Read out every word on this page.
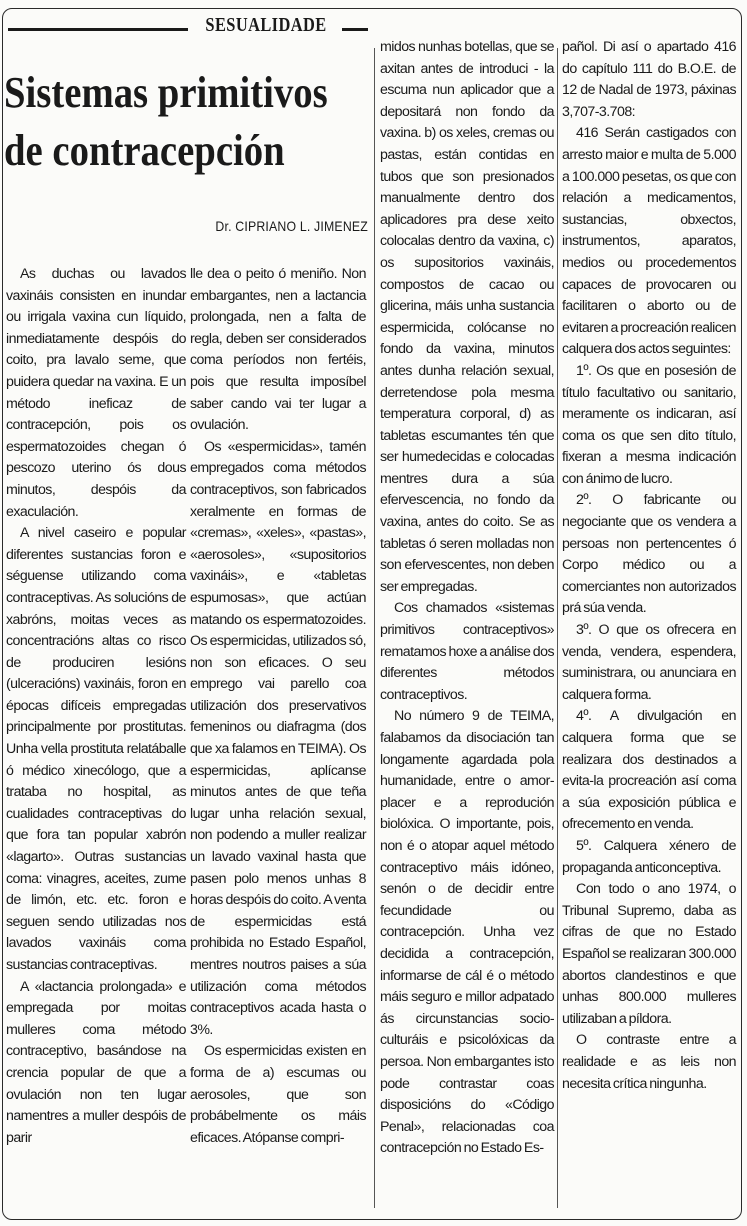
SESUALIDADE
Sistemas primitivos
de contracepción
Dr. CIPRIANO L. JIMENEZ

As duchas ou lavados vaxináis consisten en inundar ou irrigala vaxina cun líquido, inmediatamente despóis do coito, pra lavalo seme, que puidera quedar na vaxina. E un método ineficaz de contracepción, pois os espermatozoides chegan ó pescozo uterino ós dous minutos, despóis da exaculación.

A nivel caseiro e popular diferentes sustancias foron e séguense utilizando coma contraceptivas. As solucións de xabróns, moitas veces as concentracións altas co risco de produciren lesións (ulceracións) vaxináis, foron en épocas difíceis empregadas principalmente por prostitutas. Unha vella prostituta relatáballe ó médico xinecólogo, que a trataba no hospital, as cualidades contraceptivas do que fora tan popular xabrón «lagarto». Outras sustancias coma: vinagres, aceites, zume de limón, etc. etc. foron e seguen sendo utilizadas nos lavados vaxináis coma sustancias contraceptivas.

A «lactancia prolongada» e empregada por moitas mulleres coma método contraceptivo, basándose na crencia popular de que a ovulación non ten lugar namentres a muller despóis de parir

lle dea o peito ó meniño. Non embargantes, nen a lactancia prolongada, nen a falta de regla, deben ser considerados coma períodos non fertéis, pois que resulta imposíbel saber cando vai ter lugar a ovulación.

Os «espermicidas», tamén empregados coma métodos contraceptivos, son fabricados xeralmente en formas de «cremas», «xeles», «pastas», «aerosoles», «supositorios vaxináis», e «tabletas espumosas», que actúan matando os espermatozoides. Os espermicidas, utilizados só, non son eficaces. O seu emprego vai parello coa utilización dos preservativos femeninos ou diafragma (dos que xa falamos en TEIMA). Os espermicidas, aplícanse minutos antes de que teña lugar unha relación sexual, non podendo a muller realizar un lavado vaxinal hasta que pasen polo menos unhas 8 horas despóis do coito. A venta de espermicidas está prohibida no Estado Español, mentres noutros paises a súa utilización coma métodos contraceptivos acada hasta o 3%.

Os espermicidas existen en forma de a) escumas ou aerosoles, que son probábelmente os máis eficaces. Atópanse compri-

midos nunhas botellas, que se axitan antes de introduci - la escuma nun aplicador que a depositará non fondo da vaxina. b) os xeles, cremas ou pastas, están contidas en tubos que son presionados manualmente dentro dos aplicadores pra dese xeito colocalas dentro da vaxina, c) os supositorios vaxináis, compostos de cacao ou glicerina, máis unha sustancia espermicida, colócanse no fondo da vaxina, minutos antes dunha relación sexual, derretendose pola mesma temperatura corporal, d) as tabletas escumantes tén que ser humedecidas e colocadas mentres dura a súa efervescencia, no fondo da vaxina, antes do coito. Se as tabletas ó seren molladas non son efervescentes, non deben ser empregadas.

Cos chamados «sistemas primitivos contraceptivos» rematamos hoxe a análise dos diferentes métodos contraceptivos.

No número 9 de TEIMA, falabamos da disociación tan longamente agardada pola humanidade, entre o amor-placer e a reprodución biolóxica. O importante, pois, non é o atopar aquel método contraceptivo máis idóneo, senón o de decidir entre fecundidade ou contracepción. Unha vez decidida a contracepción, informarse de cál é o método máis seguro e millor adpatado ás circunstancias socio-culturáis e psicolóxicas da persoa. Non embargantes isto pode contrastar coas disposicións do «Código Penal», relacionadas coa contracepción no Estado Es-

pañol. Di así o apartado 416 do capítulo 111 do B.O.E. de 12 de Nadal de 1973, páxinas 3,707-3.708:

416 Serán castigados con arresto maior e multa de 5.000 a 100.000 pesetas, os que con relación a medicamentos, sustancias, obxectos, instrumentos, aparatos, medios ou procedementos capaces de provocaren ou facilitaren o aborto ou de evitaren a procreación realicen calquera dos actos seguintes:

1º. Os que en posesión de título facultativo ou sanitario, meramente os indicaran, así coma os que sen dito título, fixeran a mesma indicación con ánimo de lucro.

2º. O fabricante ou negociante que os vendera a persoas non pertencentes ó Corpo médico ou a comerciantes non autorizados prá súa venda.

3º. O que os ofrecera en venda, vendera, espendera, suministrara, ou anunciara en calquera forma.

4º. A divulgación en calquera forma que se realizara dos destinados a evita-la procreación así coma a súa exposición pública e ofrecemento en venda.

5º. Calquera xénero de propaganda anticonceptiva.

Con todo o ano 1974, o Tribunal Supremo, daba as cifras de que no Estado Español se realizaran 300.000 abortos clandestinos e que unhas 800.000 mulleres utilizaban a píldora.

O contraste entre a realidade e as leis non necesita crítica ningunha.
